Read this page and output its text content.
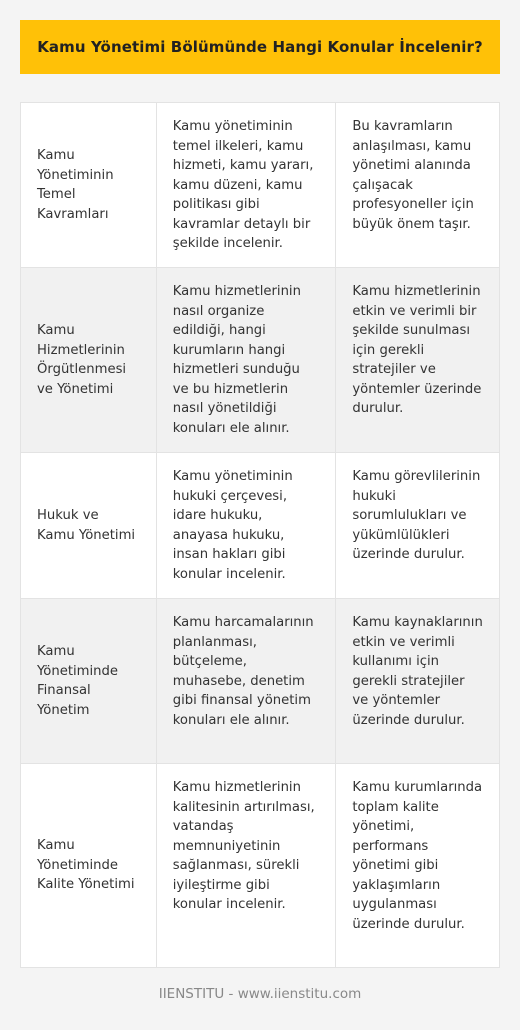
Kamu Yönetimi Bölümünde Hangi Konular İncelenir?
Kamu Yönetiminin Temel Kavramları
Kamu yönetiminin temel ilkeleri, kamu hizmeti, kamu yararı, kamu düzeni, kamu politikası gibi kavramlar detaylı bir şekilde incelenir.
Bu kavramların anlaşılması, kamu yönetimi alanında çalışacak profesyoneller için büyük önem taşır.
Kamu Hizmetlerinin Örgütlenmesi ve Yönetimi
Kamu hizmetlerinin nasıl organize edildiği, hangi kurumların hangi hizmetleri sunduğu ve bu hizmetlerin nasıl yönetildiği konuları ele alınır.
Kamu hizmetlerinin etkin ve verimli bir şekilde sunulması için gerekli stratejiler ve yöntemler üzerinde durulur.
Hukuk ve Kamu Yönetimi
Kamu yönetiminin hukuki çerçevesi, idare hukuku, anayasa hukuku, insan hakları gibi konular incelenir.
Kamu görevlilerinin hukuki sorumlulukları ve yükümlülükleri üzerinde durulur.
Kamu Yönetiminde Finansal Yönetim
Kamu harcamalarının planlanması, bütçeleme, muhasebe, denetim gibi finansal yönetim konuları ele alınır.
Kamu kaynaklarının etkin ve verimli kullanımı için gerekli stratejiler ve yöntemler üzerinde durulur.
Kamu Yönetiminde Kalite Yönetimi
Kamu hizmetlerinin kalitesinin artırılması, vatandaş memnuniyetinin sağlanması, sürekli iyileştirme gibi konular incelenir.
Kamu kurumlarında toplam kalite yönetimi, performans yönetimi gibi yaklaşımların uygulanması üzerinde durulur.
IIENSTITU - www.iienstitu.com
